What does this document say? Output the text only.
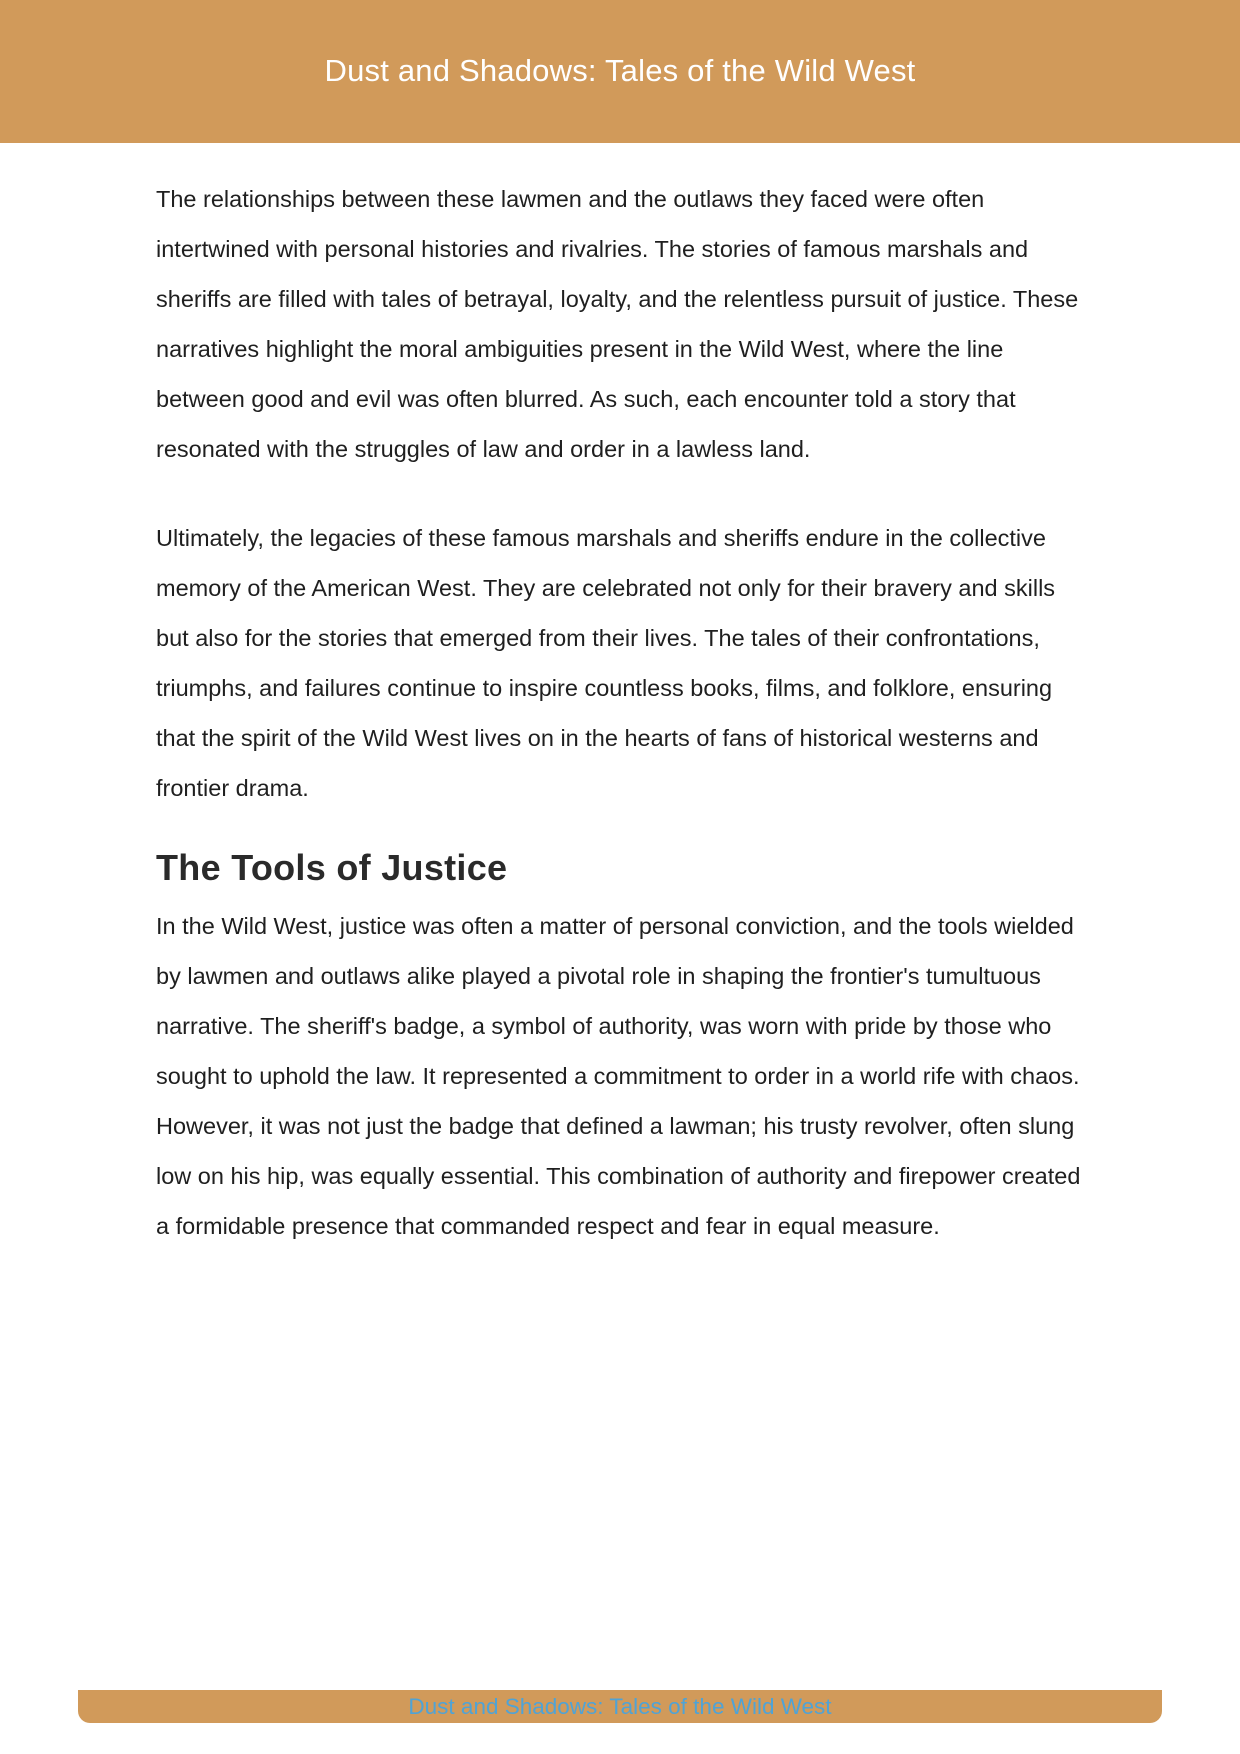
Dust and Shadows: Tales of the Wild West

The relationships between these lawmen and the outlaws they faced were often intertwined with personal histories and rivalries. The stories of famous marshals and sheriffs are filled with tales of betrayal, loyalty, and the relentless pursuit of justice. These narratives highlight the moral ambiguities present in the Wild West, where the line between good and evil was often blurred. As such, each encounter told a story that resonated with the struggles of law and order in a lawless land.

Ultimately, the legacies of these famous marshals and sheriffs endure in the collective memory of the American West. They are celebrated not only for their bravery and skills but also for the stories that emerged from their lives. The tales of their confrontations, triumphs, and failures continue to inspire countless books, films, and folklore, ensuring that the spirit of the Wild West lives on in the hearts of fans of historical westerns and frontier drama.

The Tools of Justice

In the Wild West, justice was often a matter of personal conviction, and the tools wielded by lawmen and outlaws alike played a pivotal role in shaping the frontier's tumultuous narrative. The sheriff's badge, a symbol of authority, was worn with pride by those who sought to uphold the law. It represented a commitment to order in a world rife with chaos. However, it was not just the badge that defined a lawman; his trusty revolver, often slung low on his hip, was equally essential. This combination of authority and firepower created a formidable presence that commanded respect and fear in equal measure.

Dust and Shadows: Tales of the Wild West
